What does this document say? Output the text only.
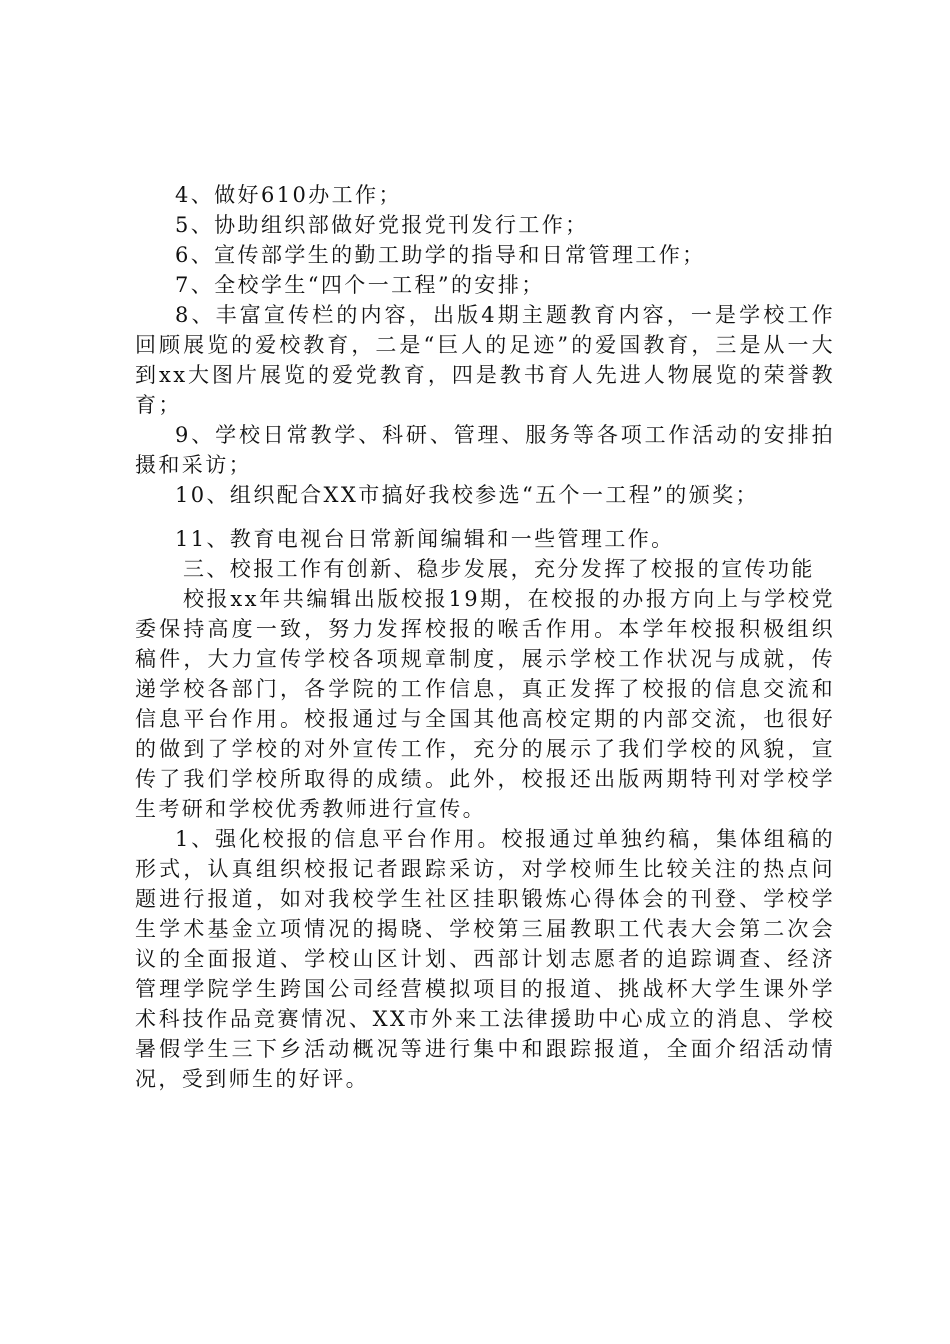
4、做好610办工作；

5、协助组织部做好党报党刊发行工作；

6、宣传部学生的勤工助学的指导和日常管理工作；

7、全校学生“四个一工程”的安排；

8、丰富宣传栏的内容，出版4期主题教育内容，一是学校工作回顾展览的爱校教育，二是“巨人的足迹”的爱国教育，三是从一大到xx大图片展览的爱党教育，四是教书育人先进人物展览的荣誉教育；

9、学校日常教学、科研、管理、服务等各项工作活动的安排拍摄和采访；

10、组织配合XX市搞好我校参选“五个一工程”的颁奖；

11、教育电视台日常新闻编辑和一些管理工作。

三、校报工作有创新、稳步发展，充分发挥了校报的宣传功能

校报xx年共编辑出版校报19期，在校报的办报方向上与学校党委保持高度一致，努力发挥校报的喉舌作用。本学年校报积极组织稿件，大力宣传学校各项规章制度，展示学校工作状况与成就，传递学校各部门，各学院的工作信息，真正发挥了校报的信息交流和信息平台作用。校报通过与全国其他高校定期的内部交流，也很好的做到了学校的对外宣传工作，充分的展示了我们学校的风貌，宣传了我们学校所取得的成绩。此外，校报还出版两期特刊对学校学生考研和学校优秀教师进行宣传。

1、强化校报的信息平台作用。校报通过单独约稿，集体组稿的形式，认真组织校报记者跟踪采访，对学校师生比较关注的热点问题进行报道，如对我校学生社区挂职锻炼心得体会的刊登、学校学生学术基金立项情况的揭晓、学校第三届教职工代表大会第二次会议的全面报道、学校山区计划、西部计划志愿者的追踪调查、经济管理学院学生跨国公司经营模拟项目的报道、挑战杯大学生课外学术科技作品竞赛情况、XX市外来工法律援助中心成立的消息、学校暑假学生三下乡活动概况等进行集中和跟踪报道，全面介绍活动情况，受到师生的好评。
